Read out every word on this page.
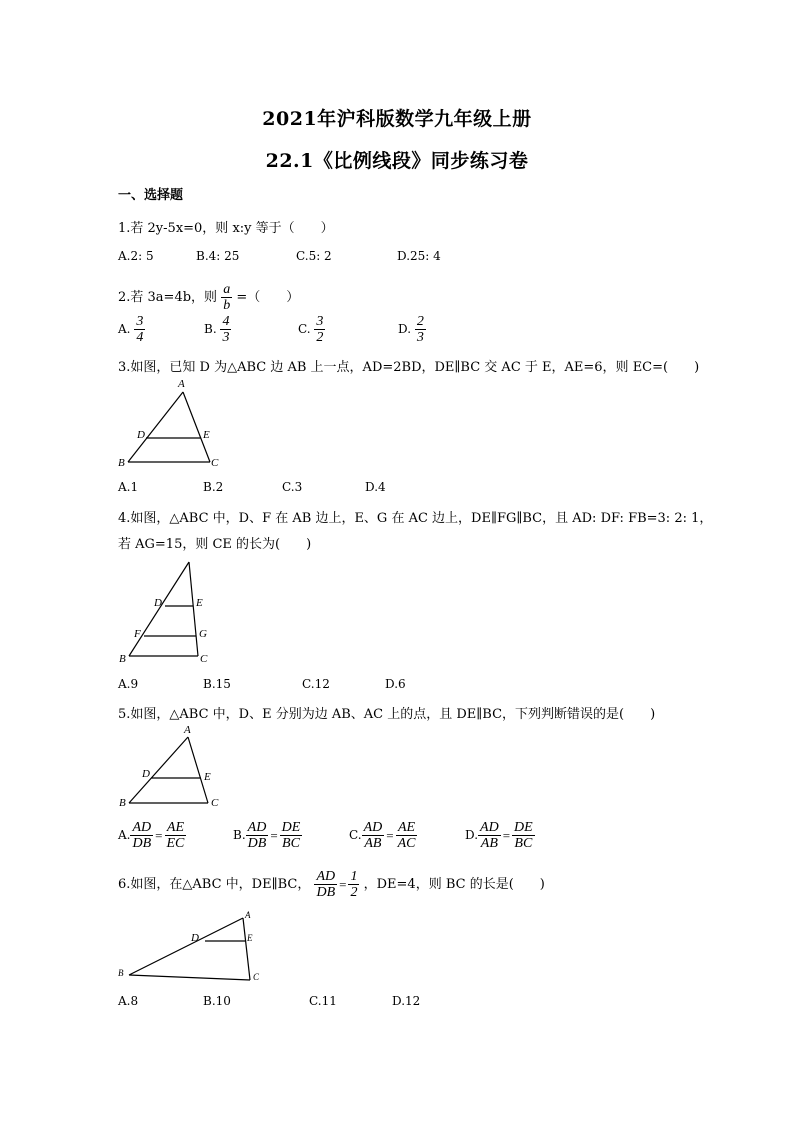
2021年沪科版数学九年级上册
22.1《比例线段》同步练习卷
一、选择题
1.若 2y-5x=0，则 x:y 等于（　　）
A.2: 5	B.4: 25	C.5: 2	D.25: 4
2.若 3a=4b，则 $\frac{a}{b}$ =（　　）
A. $\frac{3}{4}$	B. $\frac{4}{3}$	C. $\frac{3}{2}$	D. $\frac{2}{3}$
3.如图，已知 D 为△ABC 边 AB 上一点，AD=2BD，DE∥BC 交 AC 于 E，AE=6，则 EC=(　　)
A
D	E
B	C
A.1	B.2	C.3	D.4
4.如图，△ABC 中，D、F 在 AB 边上，E、G 在 AC 边上，DE∥FG∥BC，且 AD: DF: FB=3: 2: 1，
若 AG=15，则 CE 的长为(　　)
D	E
F	G
B	C
A.9	B.15	C.12	D.6
5.如图，△ABC 中，D、E 分别为边 AB、AC 上的点，且 DE∥BC，下列判断错误的是(　　)
A
D	E
B	C
A. $\frac{AD}{DB} = \frac{AE}{EC}$	B. $\frac{AD}{DB} = \frac{DE}{BC}$	C. $\frac{AD}{AB} = \frac{AE}{AC}$	D. $\frac{AD}{AB} = \frac{DE}{BC}$
6.如图，在△ABC 中，DE∥BC， $\frac{AD}{DB} = \frac{1}{2}$ ，DE=4，则 BC 的长是(　　)
A
D	E
B	C
A.8	B.10	C.11	D.12
